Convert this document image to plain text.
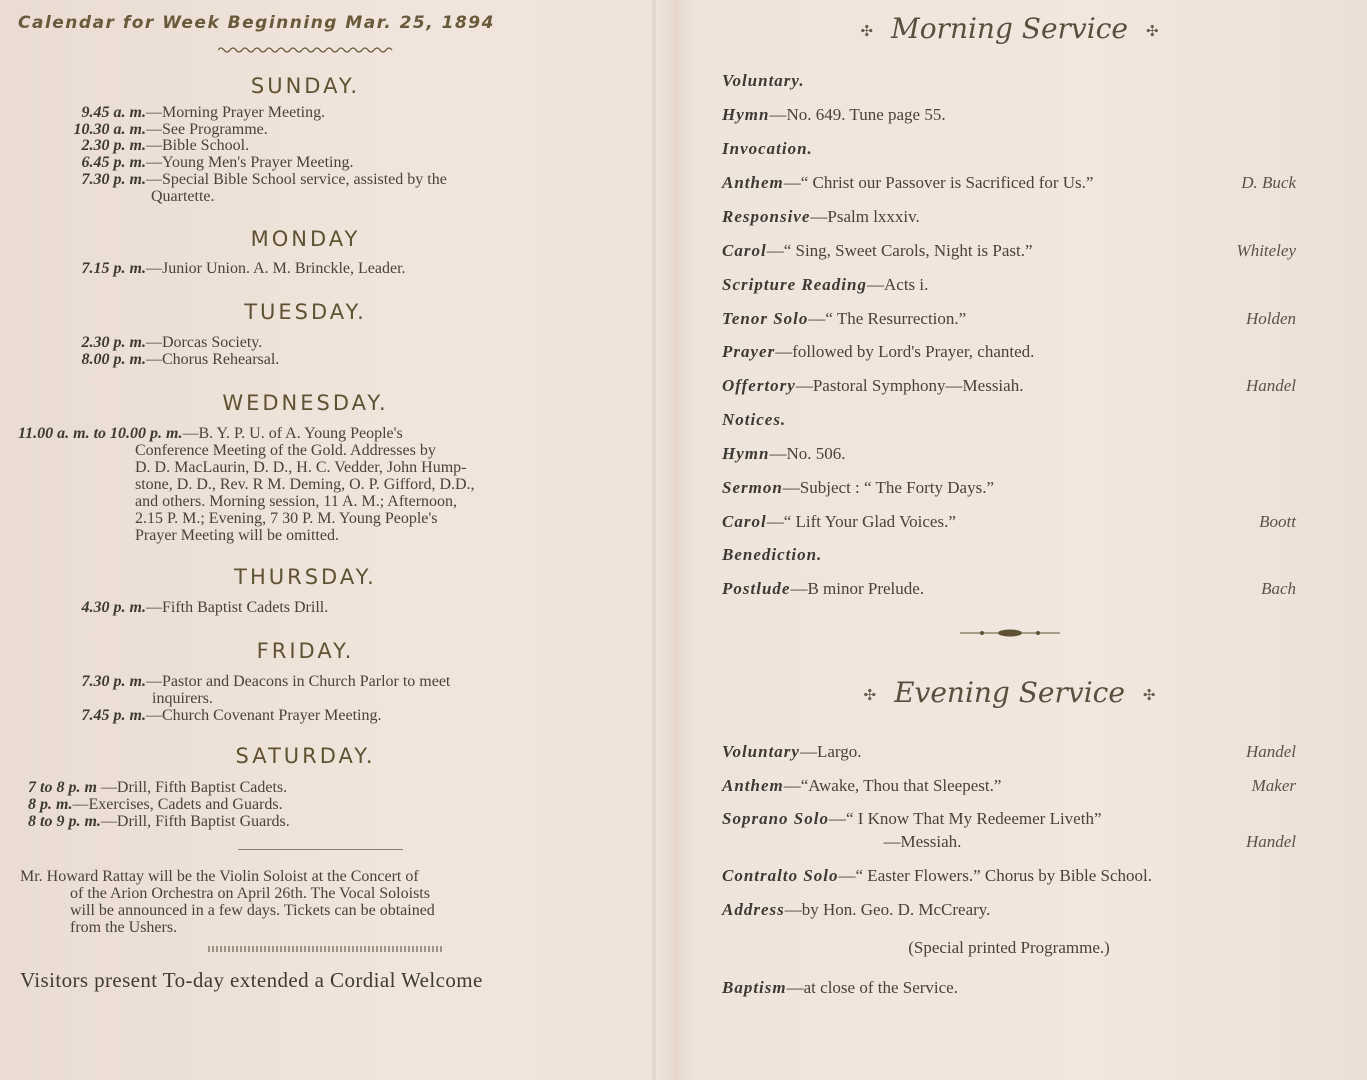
Calendar for Week Beginning Mar. 25, 1894
SUNDAY.
9.45 a. m.—Morning Prayer Meeting.
10.30 a. m.—See Programme.
2.30 p. m.—Bible School.
6.45 p. m.—Young Men's Prayer Meeting.
7.30 p. m.—Special Bible School service, assisted by the
Quartette.
MONDAY
7.15 p. m.—Junior Union. A. M. Brinckle, Leader.
TUESDAY.
2.30 p. m.—Dorcas Society.
8.00 p. m.—Chorus Rehearsal.
WEDNESDAY.
11.00 a. m. to 10.00 p. m.—B. Y. P. U. of A. Young People's
Conference Meeting of the Gold. Addresses by
D. D. MacLaurin, D. D., H. C. Vedder, John Hump-
stone, D. D., Rev. R M. Deming, O. P. Gifford, D.D.,
and others. Morning session, 11 A. M.; Afternoon,
2.15 P. M.; Evening, 7 30 P. M. Young People's
Prayer Meeting will be omitted.
THURSDAY.
4.30 p. m.—Fifth Baptist Cadets Drill.
FRIDAY.
7.30 p. m.—Pastor and Deacons in Church Parlor to meet
inquirers.
7.45 p. m.—Church Covenant Prayer Meeting.
SATURDAY.
7 to 8 p. m —Drill, Fifth Baptist Cadets.
8 p. m.—Exercises, Cadets and Guards.
8 to 9 p. m.—Drill, Fifth Baptist Guards.
Mr. Howard Rattay will be the Violin Soloist at the Concert of
of the Arion Orchestra on April 26th. The Vocal Soloists
will be announced in a few days. Tickets can be obtained
from the Ushers.
Visitors present To-day extended a Cordial Welcome
✣ Morning Service ✣
Voluntary.
Hymn—No. 649. Tune page 55.
Invocation.
Anthem—“ Christ our Passover is Sacrificed for Us.”	D. Buck
Responsive—Psalm lxxxiv.
Carol—“ Sing, Sweet Carols, Night is Past.”	Whiteley
Scripture Reading—Acts i.
Tenor Solo—“ The Resurrection.”	Holden
Prayer—followed by Lord's Prayer, chanted.
Offertory—Pastoral Symphony—Messiah.	Handel
Notices.
Hymn—No. 506.
Sermon—Subject : “ The Forty Days.”
Carol—“ Lift Your Glad Voices.”	Boott
Benediction.
Postlude—B minor Prelude.	Bach
✣ Evening Service ✣
Voluntary—Largo.	Handel
Anthem—“Awake, Thou that Sleepest.”	Maker
Soprano Solo—“ I Know That My Redeemer Liveth”
—Messiah.	Handel
Contralto Solo—“ Easter Flowers.” Chorus by Bible School.
Address—by Hon. Geo. D. McCreary.
(Special printed Programme.)
Baptism—at close of the Service.
